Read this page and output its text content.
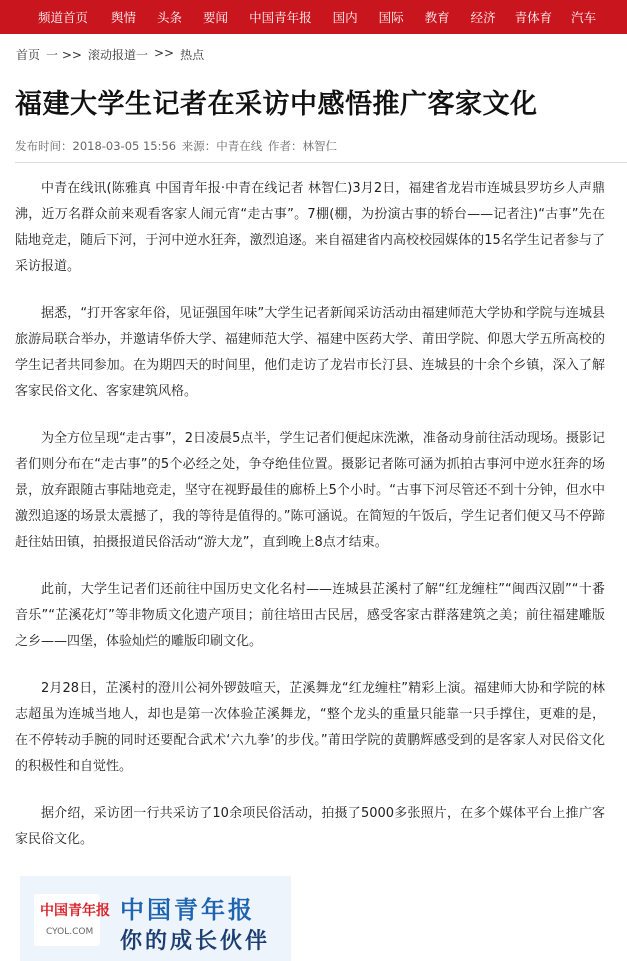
频道首页 舆情 头条 要闻 中国青年报 国内 国际 教育 经济 青体育 汽车
首页 一 >> 滚动报道一 >> 热点
福建大学生记者在采访中感悟推广客家文化
发布时间：2018-03-05 15:56 来源：中青在线 作者：林智仁

中青在线讯(陈雅真 中国青年报·中青在线记者 林智仁)3月2日，福建省龙岩市连城县罗坊乡人声鼎沸，近万名群众前来观看客家人闹元宵“走古事”。7棚(棚，为扮演古事的轿台——记者注)“古事”先在陆地竞走，随后下河，于河中逆水狂奔，激烈追逐。来自福建省内高校校园媒体的15名学生记者参与了采访报道。

据悉，“打开客家年俗，见证强国年味”大学生记者新闻采访活动由福建师范大学协和学院与连城县旅游局联合举办，并邀请华侨大学、福建师范大学、福建中医药大学、莆田学院、仰恩大学五所高校的学生记者共同参加。在为期四天的时间里，他们走访了龙岩市长汀县、连城县的十余个乡镇，深入了解客家民俗文化、客家建筑风格。

为全方位呈现“走古事”，2日凌晨5点半，学生记者们便起床洗漱，准备动身前往活动现场。摄影记者们则分布在“走古事”的5个必经之处，争夺绝佳位置。摄影记者陈可涵为抓拍古事河中逆水狂奔的场景，放弃跟随古事陆地竞走，坚守在视野最佳的廊桥上5个小时。“古事下河尽管还不到十分钟，但水中激烈追逐的场景太震撼了，我的等待是值得的。”陈可涵说。在简短的午饭后，学生记者们便又马不停蹄赶往姑田镇，拍摄报道民俗活动“游大龙”，直到晚上8点才结束。

此前，大学生记者们还前往中国历史文化名村——连城县芷溪村了解“红龙缠柱”“闽西汉剧”“十番音乐”“芷溪花灯”等非物质文化遗产项目；前往培田古民居，感受客家古群落建筑之美；前往福建雕版之乡——四堡，体验灿烂的雕版印刷文化。

2月28日，芷溪村的澄川公祠外锣鼓喧天，芷溪舞龙“红龙缠柱”精彩上演。福建师大协和学院的林志超虽为连城当地人，却也是第一次体验芷溪舞龙，“整个龙头的重量只能靠一只手撑住，更难的是，在不停转动手腕的同时还要配合武术‘六九拳’的步伐。”莆田学院的黄鹏辉感受到的是客家人对民俗文化的积极性和自觉性。

据介绍，采访团一行共采访了10余项民俗活动，拍摄了5000多张照片，在多个媒体平台上推广客家民俗文化。

中国青年报
CYOL.COM
中国青年报
你的成长伙伴
